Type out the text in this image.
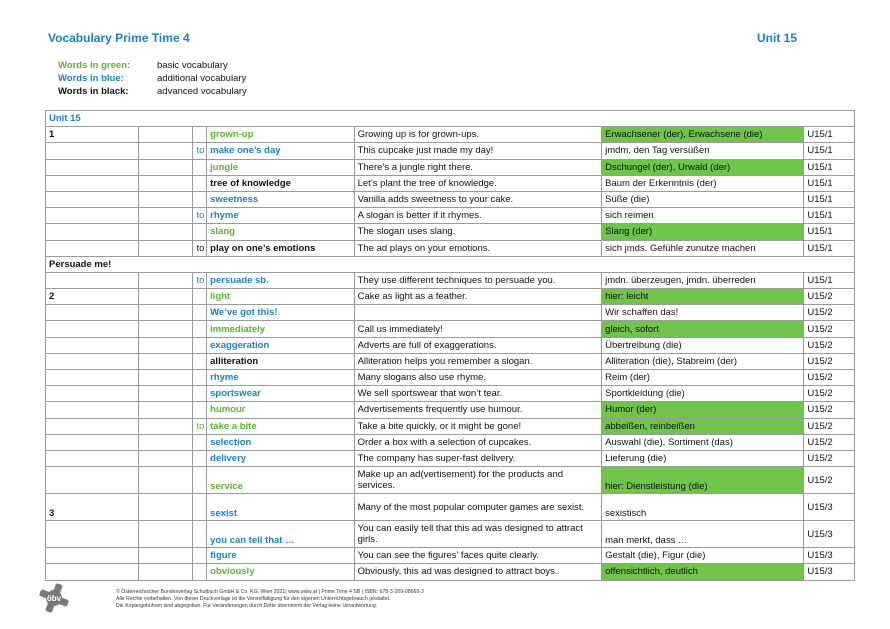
Vocabulary Prime Time 4	Unit 15
Words in green:	basic vocabulary
Words in blue:	additional vocabulary
Words in black:	advanced vocabulary
Unit 15						
1			grown-up	Growing up is for grown-ups.	Erwachsener (der), Erwachsene (die)	U15/1
		to	make one’s day	This cupcake just made my day!	jmdm. den Tag versüßen	U15/1
			jungle	There’s a jungle right there.	Dschungel (der), Urwald (der)	U15/1
			tree of knowledge	Let’s plant the tree of knowledge.	Baum der Erkenntnis (der)	U15/1
			sweetness	Vanilla adds sweetness to your cake.	Süße (die)	U15/1
		to	rhyme	A slogan is better if it rhymes.	sich reimen	U15/1
			slang	The slogan uses slang.	Slang (der)	U15/1
		to	play on one’s emotions	The ad plays on your emotions.	sich jmds. Gefühle zunutze machen	U15/1
Persuade me!						
		to	persuade sb.	They use different techniques to persuade you.	jmdn. überzeugen, jmdn. überreden	U15/1
2			light	Cake as light as a feather.	hier: leicht	U15/2
			We’ve got this!		Wir schaffen das!	U15/2
			immediately	Call us immediately!	gleich, sofort	U15/2
			exaggeration	Adverts are full of exaggerations.	Übertreibung (die)	U15/2
			alliteration	Alliteration helps you remember a slogan.	Alliteration (die), Stabreim (der)	U15/2
			rhyme	Many slogans also use rhyme.	Reim (der)	U15/2
			sportswear	We sell sportswear that won’t tear.	Sportkleidung (die)	U15/2
			humour	Advertisements frequently use humour.	Humor (der)	U15/2
		to	take a bite	Take a bite quickly, or it might be gone!	abbeißen, reinbeißen	U15/2
			selection	Order a box with a selection of cupcakes.	Auswahl (die), Sortiment (das)	U15/2
			delivery	The company has super-fast delivery.	Lieferung (die)	U15/2
			service	Make up an ad(vertisement) for the products and services.	hier: Dienstleistung (die)	U15/2
3			sexist	Many of the most popular computer games are sexist.	sexistisch	U15/3
			you can tell that …	You can easily tell that this ad was designed to attract girls.	man merkt, dass …	U15/3
			figure	You can see the figures’ faces quite clearly.	Gestalt (die), Figur (die)	U15/3
			obviously	Obviously, this ad was designed to attract boys.	offensichtlich, deutlich	U15/3
öbv
© Österreichischer Bundesverlag Schulbuch GmbH & Co. KG, Wien 2021| www.oebv.at | Prime Time 4 SB | ISBN: 978-3-209-08669-3
Alle Rechte vorbehalten. Von dieser Druckvorlage ist die Vervielfältigung für den eigenen Unterrichtsgebrauch gestattet.
Die Kopiergebühren sind abgegolten. Für Veränderungen durch Dritte übernimmt der Verlag keine Verantwortung.
